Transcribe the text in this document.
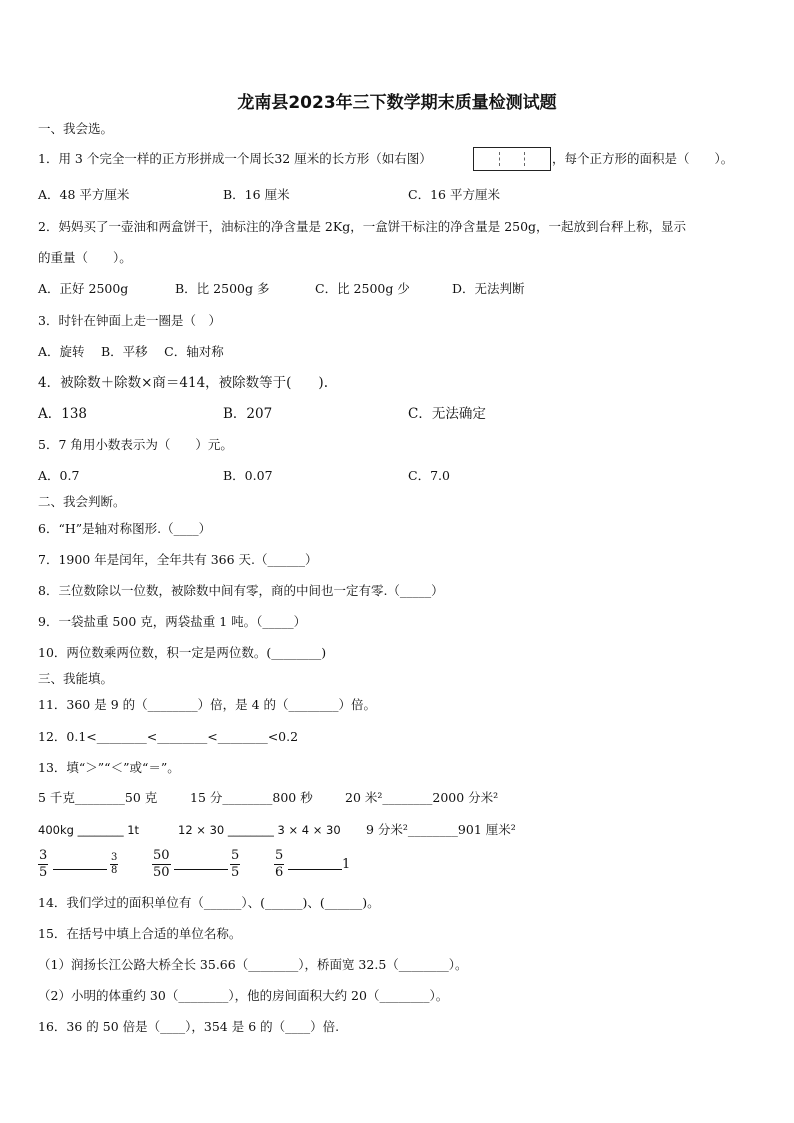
龙南县2023年三下数学期末质量检测试题
一、我会选。
1．用 3 个完全一样的正方形拼成一个周长32 厘米的长方形（如右图）	，每个正方形的面积是（　　）。
A．48 平方厘米	B．16 厘米	C．16 平方厘米
2．妈妈买了一壶油和两盒饼干，油标注的净含量是 2Kg，一盒饼干标注的净含量是 250g，一起放到台秤上称，显示
的重量（　　）。
A．正好 2500g	B．比 2500g 多	C．比 2500g 少	D．无法判断
3．时针在钟面上走一圈是（　）
A．旋转　 B．平移　 C．轴对称
4．被除数＋除数×商＝414，被除数等于(　　).
A．138	B．207	C．无法确定
5．7 角用小数表示为（　　）元。
A．0.7	B．0.07	C．7.0
二、我会判断。
6．“H”是轴对称图形.（____）
7．1900 年是闰年，全年共有 366 天.（______）
8．三位数除以一位数，被除数中间有零，商的中间也一定有零.（_____）
9．一袋盐重 500 克，两袋盐重 1 吨。（_____）
10．两位数乘两位数，积一定是两位数。(________)
三、我能填。
11．360 是 9 的（________）倍，是 4 的（________）倍。
12．0.1<________<________<________<0.2
13．填“＞”“＜”或“＝”。
5 千克________50 克	15 分________800 秒	20 米²________2000 分米²
400kg ________ 1t	12 × 30 ________ 3 × 4 × 30 9 分米²________901 厘米²
$\frac{3}{5}$	$\frac{3}{8}$	$\frac{50}{50}$	$\frac{5}{5}$	$\frac{5}{6}$	1
14．我们学过的面积单位有（______）、(______)、(______)。
15．在括号中填上合适的单位名称。
（1）润扬长江公路大桥全长 35.66（________），桥面宽 32.5（________）。
（2）小明的体重约 30（________），他的房间面积大约 20（________）。
16．36 的 50 倍是（____），354 是 6 的（____）倍.
